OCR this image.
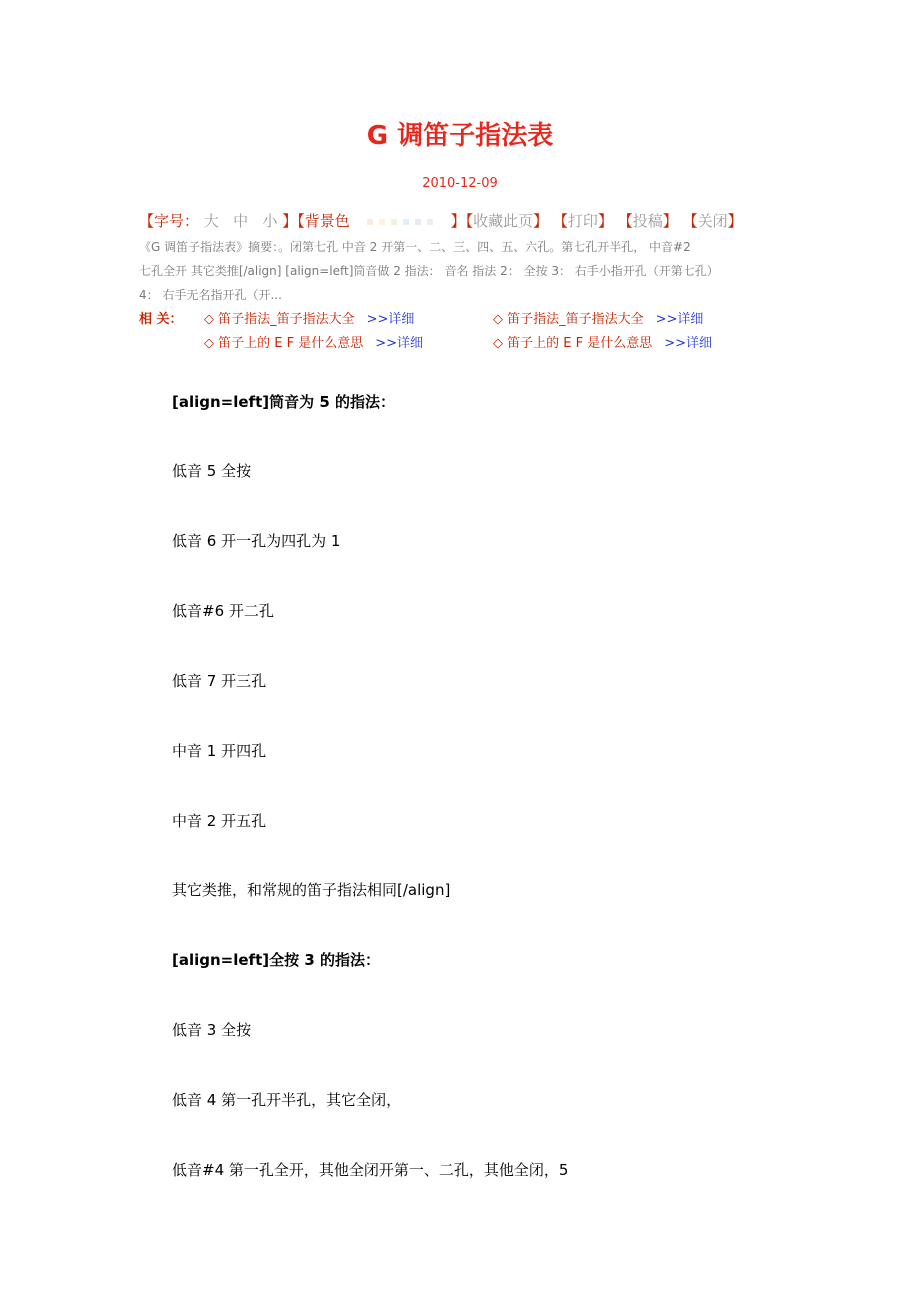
G 调笛子指法表
2010-12-09
【字号： 大 中 小 】【背景色	】【收藏此页】 【打印】 【投稿】 【关闭】
《G 调笛子指法表》摘要：。闭第七孔 中音 2 开第一、二、三、四、五、六孔。第七孔开半孔， 中音#2
七孔全开 其它类推[/align] [align=left]筒音做 2 指法： 音名 指法 2： 全按 3： 右手小指开孔（开第七孔）
4： 右手无名指开孔（开...
相 关： ◇ 笛子指法_笛子指法大全 >>详细	◇ 笛子指法_笛子指法大全 >>详细
◇ 笛子上的 E F 是什么意思 >>详细	◇ 笛子上的 E F 是什么意思 >>详细
[align=left]筒音为 5 的指法：
低音 5 全按
低音 6 开一孔为四孔为 1
低音#6 开二孔
低音 7 开三孔
中音 1 开四孔
中音 2 开五孔
其它类推，和常规的笛子指法相同[/align]
[align=left]全按 3 的指法：
低音 3 全按
低音 4 第一孔开半孔，其它全闭，
低音#4 第一孔全开，其他全闭开第一、二孔，其他全闭，5
